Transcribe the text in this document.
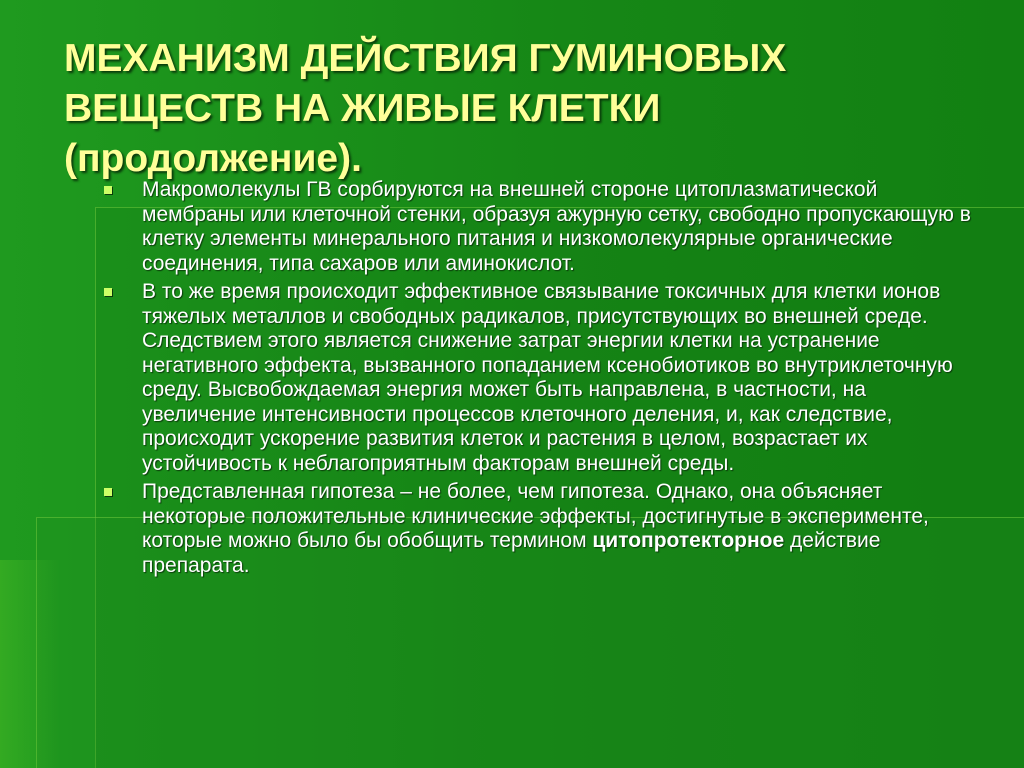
МЕХАНИЗМ ДЕЙСТВИЯ ГУМИНОВЫХ
ВЕЩЕСТВ НА ЖИВЫЕ КЛЕТКИ
(продолжение).
Макромолекулы ГВ сорбируются на внешней стороне цитоплазматической мембраны или клеточной стенки, образуя ажурную сетку, свободно пропускающую в клетку элементы минерального питания и низкомолекулярные органические соединения, типа сахаров или аминокислот.
В то же время происходит эффективное связывание токсичных для клетки ионов тяжелых металлов и свободных радикалов, присутствующих во внешней среде. Следствием этого является снижение затрат энергии клетки на устранение негативного эффекта, вызванного попаданием ксенобиотиков во внутриклеточную среду. Высвобождаемая энергия может быть направлена, в частности, на увеличение интенсивности процессов клеточного деления, и, как следствие, происходит ускорение развития клеток и растения в целом, возрастает их устойчивость к неблагоприятным факторам внешней среды.
Представленная гипотеза – не более, чем гипотеза. Однако, она объясняет некоторые положительные клинические эффекты, достигнутые в эксперименте, которые можно было бы обобщить термином цитопротекторное действие препарата.
